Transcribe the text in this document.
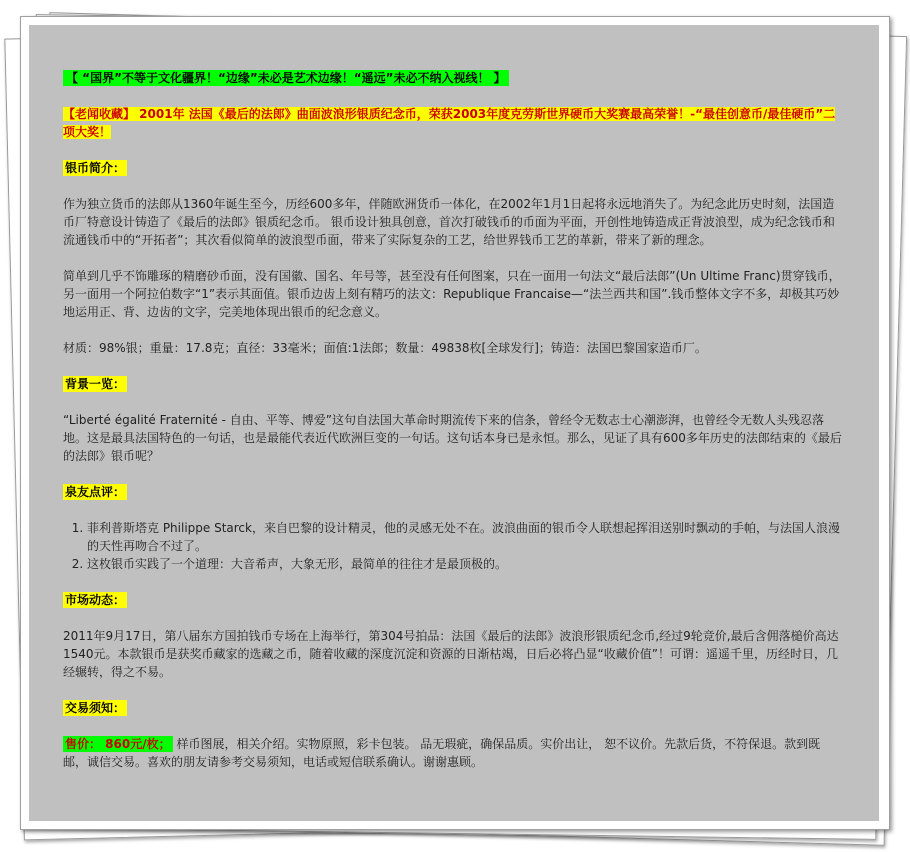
【 “国界”不等于文化疆界！“边缘”未必是艺术边缘！“遥远”未必不纳入视线！ 】

【老闻收藏】 2001年 法国《最后的法郎》曲面波浪形银质纪念币，荣获2003年度克劳斯世界硬币大奖赛最高荣誉！-“最佳创意币/最佳硬币”二项大奖！

银币简介：

作为独立货币的法郎从1360年诞生至今，历经600多年，伴随欧洲货币一体化，在2002年1月1日起将永远地消失了。为纪念此历史时刻，法国造币厂特意设计铸造了《最后的法郎》银质纪念币。 银币设计独具创意，首次打破钱币的币面为平面，开创性地铸造成正背波浪型，成为纪念钱币和流通钱币中的“开拓者”；其次看似简单的波浪型币面，带来了实际复杂的工艺，给世界钱币工艺的革新，带来了新的理念。

简单到几乎不饰雕琢的精磨砂币面，没有国徽、国名、年号等，甚至没有任何图案，只在一面用一句法文“最后法郎”(Un Ultime Franc)贯穿钱币，另一面用一个阿拉伯数字“1”表示其面值。银币边齿上刻有精巧的法文：Republique Francaise—“法兰西共和国”.钱币整体文字不多，却极其巧妙地运用正、背、边齿的文字，完美地体现出银币的纪念意义。

材质：98%银；重量：17.8克；直径：33毫米；面值:1法郎；数量：49838枚[全球发行]；铸造：法国巴黎国家造币厂。

背景一览：

“Liberté égalité Fraternité - 自由、平等、博爱”这句自法国大革命时期流传下来的信条，曾经令无数志士心潮澎湃，也曾经令无数人头残忍落地。这是最具法国特色的一句话，也是最能代表近代欧洲巨变的一句话。这句话本身已是永恒。那么，见证了具有600多年历史的法郎结束的《最后的法郎》银币呢？

泉友点评：

1. 菲利普斯塔克 Philippe Starck，来自巴黎的设计精灵，他的灵感无处不在。波浪曲面的银币令人联想起挥泪送别时飘动的手帕，与法国人浪漫的天性再吻合不过了。
2. 这枚银币实践了一个道理：大音希声，大象无形，最简单的往往才是最顶极的。

市场动态：

2011年9月17日，第八届东方国拍钱币专场在上海举行，第304号拍品：法国《最后的法郎》波浪形银质纪念币,经过9轮竞价,最后含佣落槌价高达1540元。本款银币是获奖币藏家的选藏之币，随着收藏的深度沉淀和资源的日渐枯竭，日后必将凸显“收藏价值”！可谓：遥遥千里，历经时日，几经辗转，得之不易。

交易须知：

售价： 860元/枚； 样币图展，相关介绍。实物原照，彩卡包装。 品无瑕疵，确保品质。实价出让， 恕不议价。先款后货，不符保退。款到既邮，诚信交易。喜欢的朋友请参考交易须知，电话或短信联系确认。谢谢惠顾。
